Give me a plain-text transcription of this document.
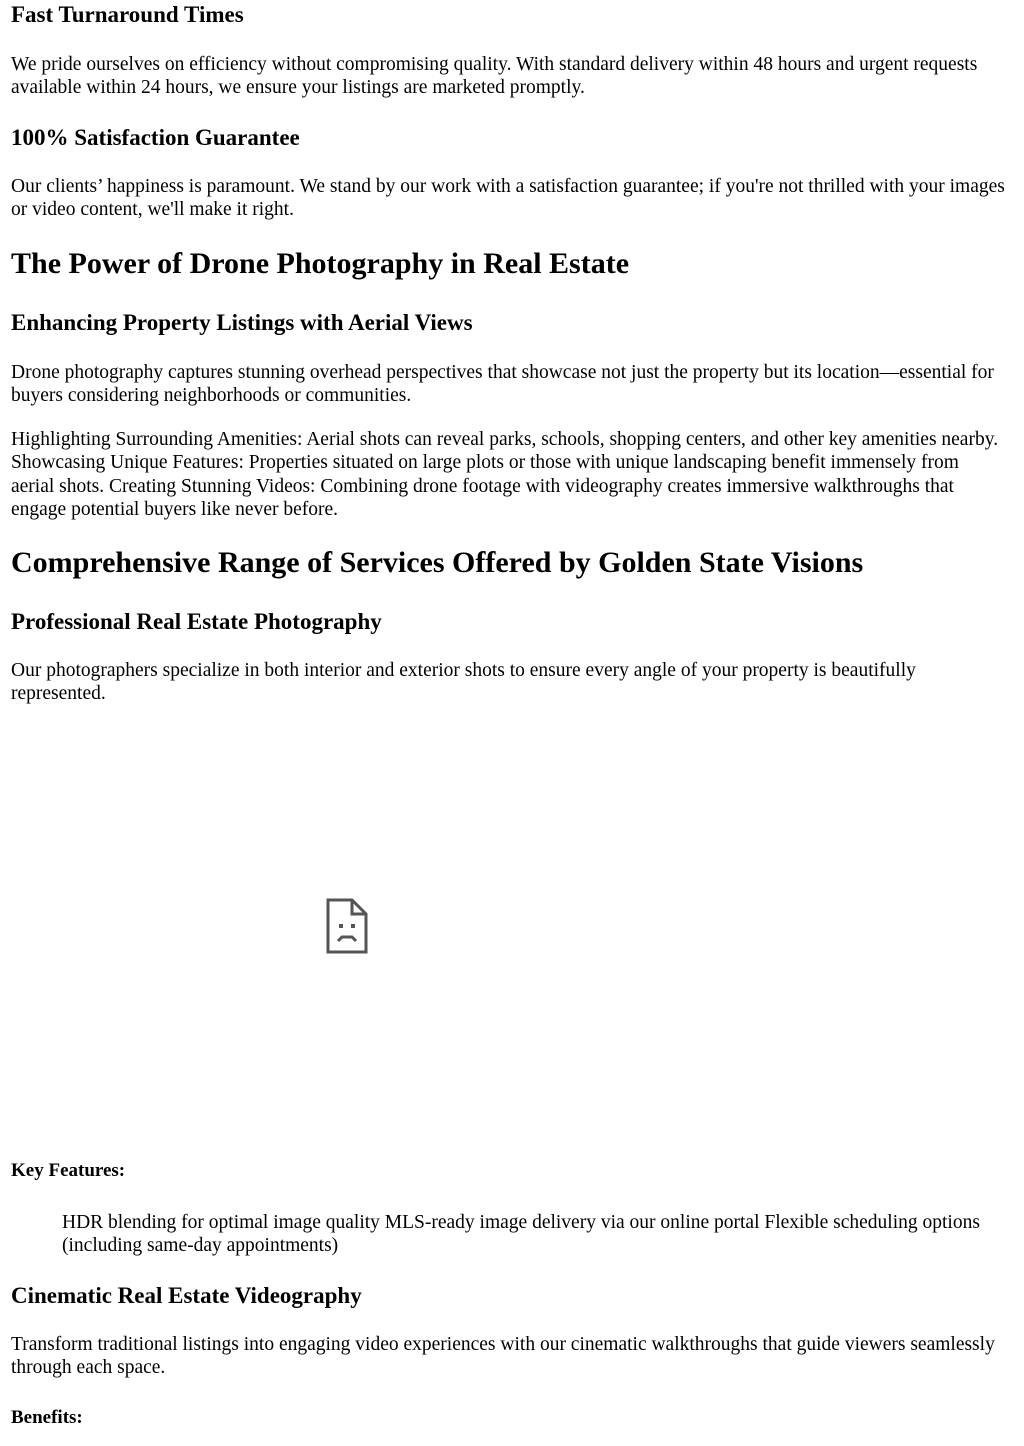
Fast Turnaround Times

We pride ourselves on efficiency without compromising quality. With standard delivery within 48 hours and urgent requests available within 24 hours, we ensure your listings are marketed promptly.

100% Satisfaction Guarantee

Our clients’ happiness is paramount. We stand by our work with a satisfaction guarantee; if you're not thrilled with your images or video content, we'll make it right.

The Power of Drone Photography in Real Estate
Enhancing Property Listings with Aerial Views

Drone photography captures stunning overhead perspectives that showcase not just the property but its location—essential for buyers considering neighborhoods or communities.

Highlighting Surrounding Amenities: Aerial shots can reveal parks, schools, shopping centers, and other key amenities nearby. Showcasing Unique Features: Properties situated on large plots or those with unique landscaping benefit immensely from aerial shots. Creating Stunning Videos: Combining drone footage with videography creates immersive walkthroughs that engage potential buyers like never before.

Comprehensive Range of Services Offered by Golden State Visions
Professional Real Estate Photography

Our photographers specialize in both interior and exterior shots to ensure every angle of your property is beautifully represented.

Key Features:

HDR blending for optimal image quality MLS-ready image delivery via our online portal Flexible scheduling options (including same-day appointments)

Cinematic Real Estate Videography

Transform traditional listings into engaging video experiences with our cinematic walkthroughs that guide viewers seamlessly through each space.

Benefits:
